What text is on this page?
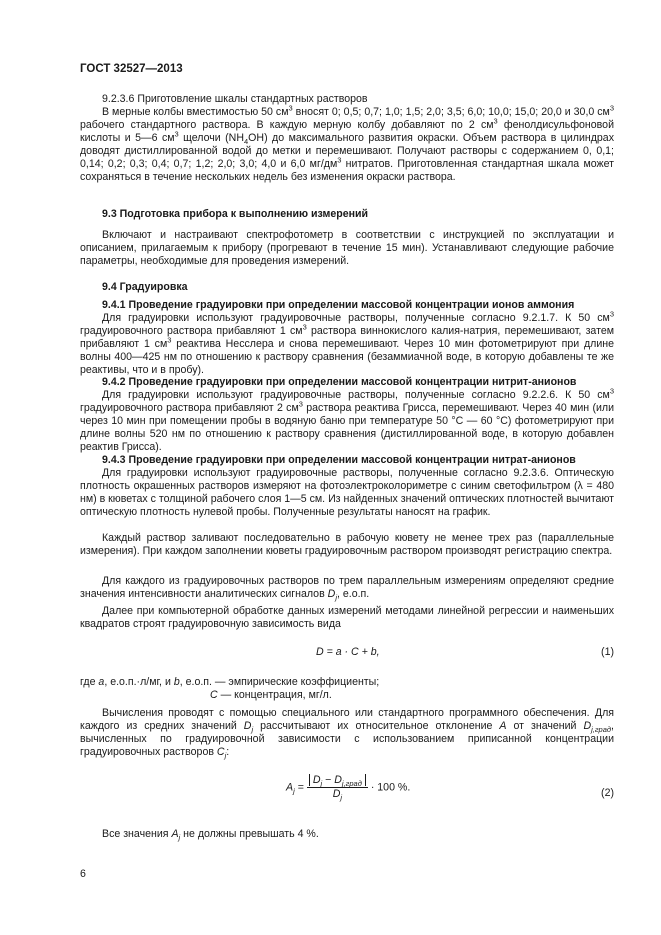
ГОСТ 32527—2013
9.2.3.6 Приготовление шкалы стандартных растворов
В мерные колбы вместимостью 50 $см^3$ вносят 0; 0,5; 0,7; 1,0; 1,5; 2,0; 3,5; 6,0; 10,0; 15,0; 20,0 и 30,0 $см^3$ рабочего стандартного раствора. В каждую мерную колбу добавляют по 2 $см^3$ фенолдисульфоновой кислоты и 5—6 $см^3$ щелочи $(NH_4OH)$ до максимального развития окраски. Объем раствора в цилиндрах доводят дистиллированной водой до метки и перемешивают. Получают растворы с содержанием 0, 0,1; 0,14; 0,2; 0,3; 0,4; 0,7; 1,2; 2,0; 3,0; 4,0 и 6,0 $мг/дм^3$ нитратов. Приготовленная стандартная шкала может сохраняться в течение нескольких недель без изменения окраски раствора.
9.3 Подготовка прибора к выполнению измерений
Включают и настраивают спектрофотометр в соответствии с инструкцией по эксплуатации и описанием, прилагаемым к прибору (прогревают в течение 15 мин). Устанавливают следующие рабочие параметры, необходимые для проведения измерений.
9.4 Градуировка
9.4.1 Проведение градуировки при определении массовой концентрации ионов аммония
Для градуировки используют градуировочные растворы, полученные согласно 9.2.1.7. К 50 $см^3$ градуировочного раствора прибавляют 1 $см^3$ раствора виннокислого калия-натрия, перемешивают, затем прибавляют 1 $см^3$ реактива Несслера и снова перемешивают. Через 10 мин фотометрируют при длине волны 400—425 нм по отношению к раствору сравнения (безаммиачной воде, в которую добавлены те же реактивы, что и в пробу).
9.4.2 Проведение градуировки при определении массовой концентрации нитрит-анионов
Для градуировки используют градуировочные растворы, полученные согласно 9.2.2.6. К 50 $см^3$ градуировочного раствора прибавляют 2 $см^3$ раствора реактива Грисса, перемешивают. Через 40 мин (или через 10 мин при помещении пробы в водяную баню при температуре 50 °C — 60 °C) фотометрируют при длине волны 520 нм по отношению к раствору сравнения (дистиллированной воде, в которую добавлен реактив Грисса).
9.4.3 Проведение градуировки при определении массовой концентрации нитрат-анионов
Для градуировки используют градуировочные растворы, полученные согласно 9.2.3.6. Оптическую плотность окрашенных растворов измеряют на фотоэлектроколориметре с синим светофильтром (λ = 480 нм) в кюветах с толщиной рабочего слоя 1—5 см. Из найденных значений оптических плотностей вычитают оптическую плотность нулевой пробы. Полученные результаты наносят на график.
Каждый раствор заливают последовательно в рабочую кювету не менее трех раз (параллельные измерения). При каждом заполнении кюветы градуировочным раствором производят регистрацию спектра.
Для каждого из градуировочных растворов по трем параллельным измерениям определяют средние значения интенсивности аналитических сигналов $D_j$, е.о.п.
Далее при компьютерной обработке данных измерений методами линейной регрессии и наименьших квадратов строят градуировочную зависимость вида
D = a · C + b,	(1)
где a, е.о.п.·л/мг, и b, е.о.п. — эмпирические коэффициенты;
C — концентрация, мг/л.
Вычисления проводят с помощью специального или стандартного программного обеспечения. Для каждого из средних значений $D_j$ рассчитывают их относительное отклонение A от значений $D_{j,град}$, вычисленных по градуировочной зависимости с использованием приписанной концентрации градуировочных растворов $C_j$:
$A_j = \frac{D_j - D_{j,град}}{D_j} \cdot 100$ %.	(2)
Все значения $A_j$ не должны превышать 4 %.
6
